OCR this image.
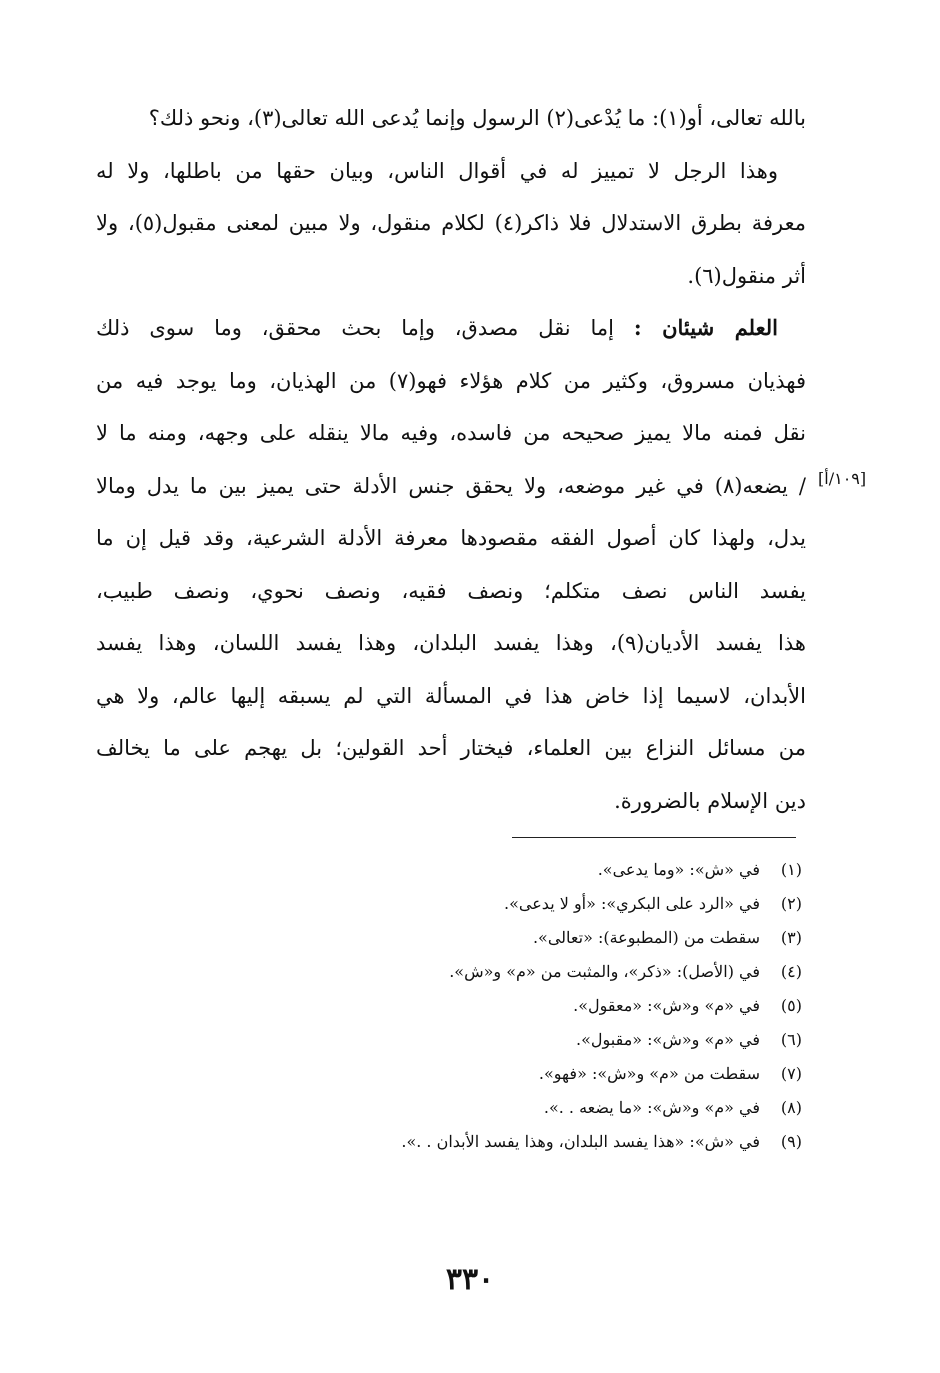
بالله تعالى، أو(١): ما يُدْعى(٢) الرسول وإنما يُدعى الله تعالى(٣)، ونحو ذلك؟
وهذا الرجل لا تمييز له في أقوال الناس، وبيان حقها من باطلها، ولا له
معرفة بطرق الاستدلال فلا ذاكر(٤) لكلام منقول، ولا مبين لمعنى مقبول(٥)، ولا
أثر منقول(٦).
العلم شيئان : إما نقل مصدق، وإما بحث محقق، وما سوى ذلك
فهذيان مسروق، وكثير من كلام هؤلاء فهو(٧) من الهذيان، وما يوجد فيه من
نقل فمنه مالا يميز صحيحه من فاسده، وفيه مالا ينقله على وجهه، ومنه ما لا
/ يضعه(٨) في غير موضعه، ولا يحقق جنس الأدلة حتى يميز بين ما يدل ومالا
يدل، ولهذا كان أصول الفقه مقصودها معرفة الأدلة الشرعية، وقد قيل إن ما
يفسد الناس نصف متكلم؛ ونصف فقيه، ونصف نحوي، ونصف طبيب،
هذا يفسد الأديان(٩)، وهذا يفسد البلدان، وهذا يفسد اللسان، وهذا يفسد
الأبدان، لاسيما إذا خاض هذا في المسألة التي لم يسبقه إليها عالم، ولا هي
من مسائل النزاع بين العلماء، فيختار أحد القولين؛ بل يهجم على ما يخالف
دين الإسلام بالضرورة.
[١٠٩/أ]
(١)
في «ش»: «وما يدعى».
(٢)
في «الرد على البكري»: «أو لا يدعى».
(٣)
سقطت من (المطبوعة): «تعالى».
(٤)
في (الأصل): «ذكر»، والمثبت من «م» و«ش».
(٥)
في «م» و«ش»: «معقول».
(٦)
في «م» و«ش»: «مقبول».
(٧)
سقطت من «م» و«ش»: «فهو».
(٨)
في «م» و«ش»: «ما يضعه . .».
(٩)
في «ش»: «هذا يفسد البلدان، وهذا يفسد الأبدان . .».
٣٣٠
